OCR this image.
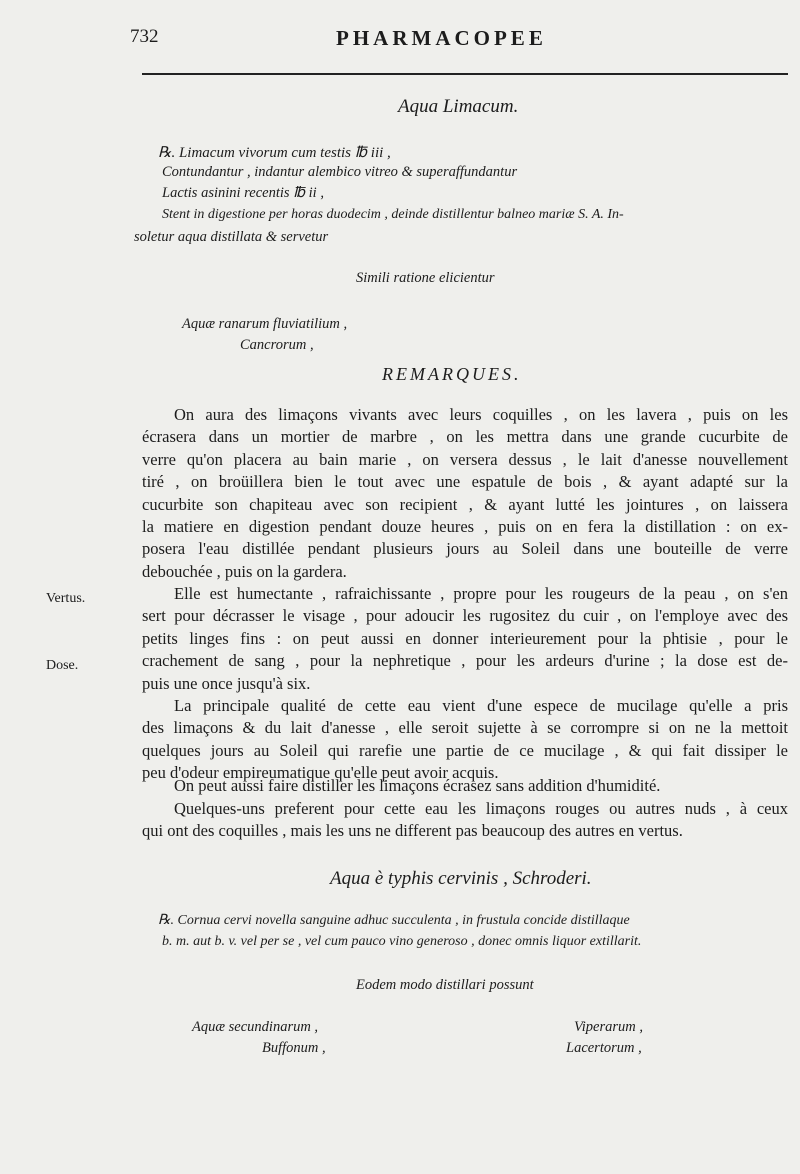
732	PHARMACOPEE
Aqua Limacum.
℞. Limacum vivorum cum testis ℔ iii ,
Contundantur , indantur alembico vitreo & superaffundantur
Lactis asinini recentis ℔ ii ,
Stent in digestione per horas duodecim , deinde distillentur balneo mariæ S. A. In-
soletur aqua distillata & servetur
Simili ratione elicientur
Aquæ ranarum fluviatilium ,
Cancrorum ,
REMARQUES.
On aura des limaçons vivants avec leurs coquilles , on les lavera , puis on les
écrasera dans un mortier de marbre , on les mettra dans une grande cucurbite de
verre qu'on placera au bain marie , on versera dessus , le lait d'anesse nouvellement
tiré , on broüillera bien le tout avec une espatule de bois , & ayant adapté sur la
cucurbite son chapiteau avec son recipient , & ayant lutté les jointures , on laissera
la matiere en digestion pendant douze heures , puis on en fera la distillation : on ex-
posera l'eau distillée pendant plusieurs jours au Soleil dans une bouteille de verre
debouchée , puis on la gardera.
Vertus.
Dose.
Elle est humectante , rafraichissante , propre pour les rougeurs de la peau , on s'en
sert pour décrasser le visage , pour adoucir les rugositez du cuir , on l'employe avec des
petits linges fins : on peut aussi en donner interieurement pour la phtisie , pour le
crachement de sang , pour la nephretique , pour les ardeurs d'urine ; la dose est de-
puis une once jusqu'à six.
La principale qualité de cette eau vient d'une espece de mucilage qu'elle a pris
des limaçons & du lait d'anesse , elle seroit sujette à se corrompre si on ne la mettoit
quelques jours au Soleil qui rarefie une partie de ce mucilage , & qui fait dissiper le
peu d'odeur empireumatique qu'elle peut avoir acquis.
On peut aussi faire distiller les limaçons écrasez sans addition d'humidité.
Quelques-uns preferent pour cette eau les limaçons rouges ou autres nuds , à ceux
qui ont des coquilles , mais les uns ne different pas beaucoup des autres en vertus.
Aqua è typhis cervinis , Schroderi.
℞. Cornua cervi novella sanguine adhuc succulenta , in frustula concide distillaque
b. m. aut b. v. vel per se , vel cum pauco vino generoso , donec omnis liquor extillarit.
Eodem modo distillari possunt
Aquæ secundinarum ,
Buffonum ,
Viperarum ,
Lacertorum ,
